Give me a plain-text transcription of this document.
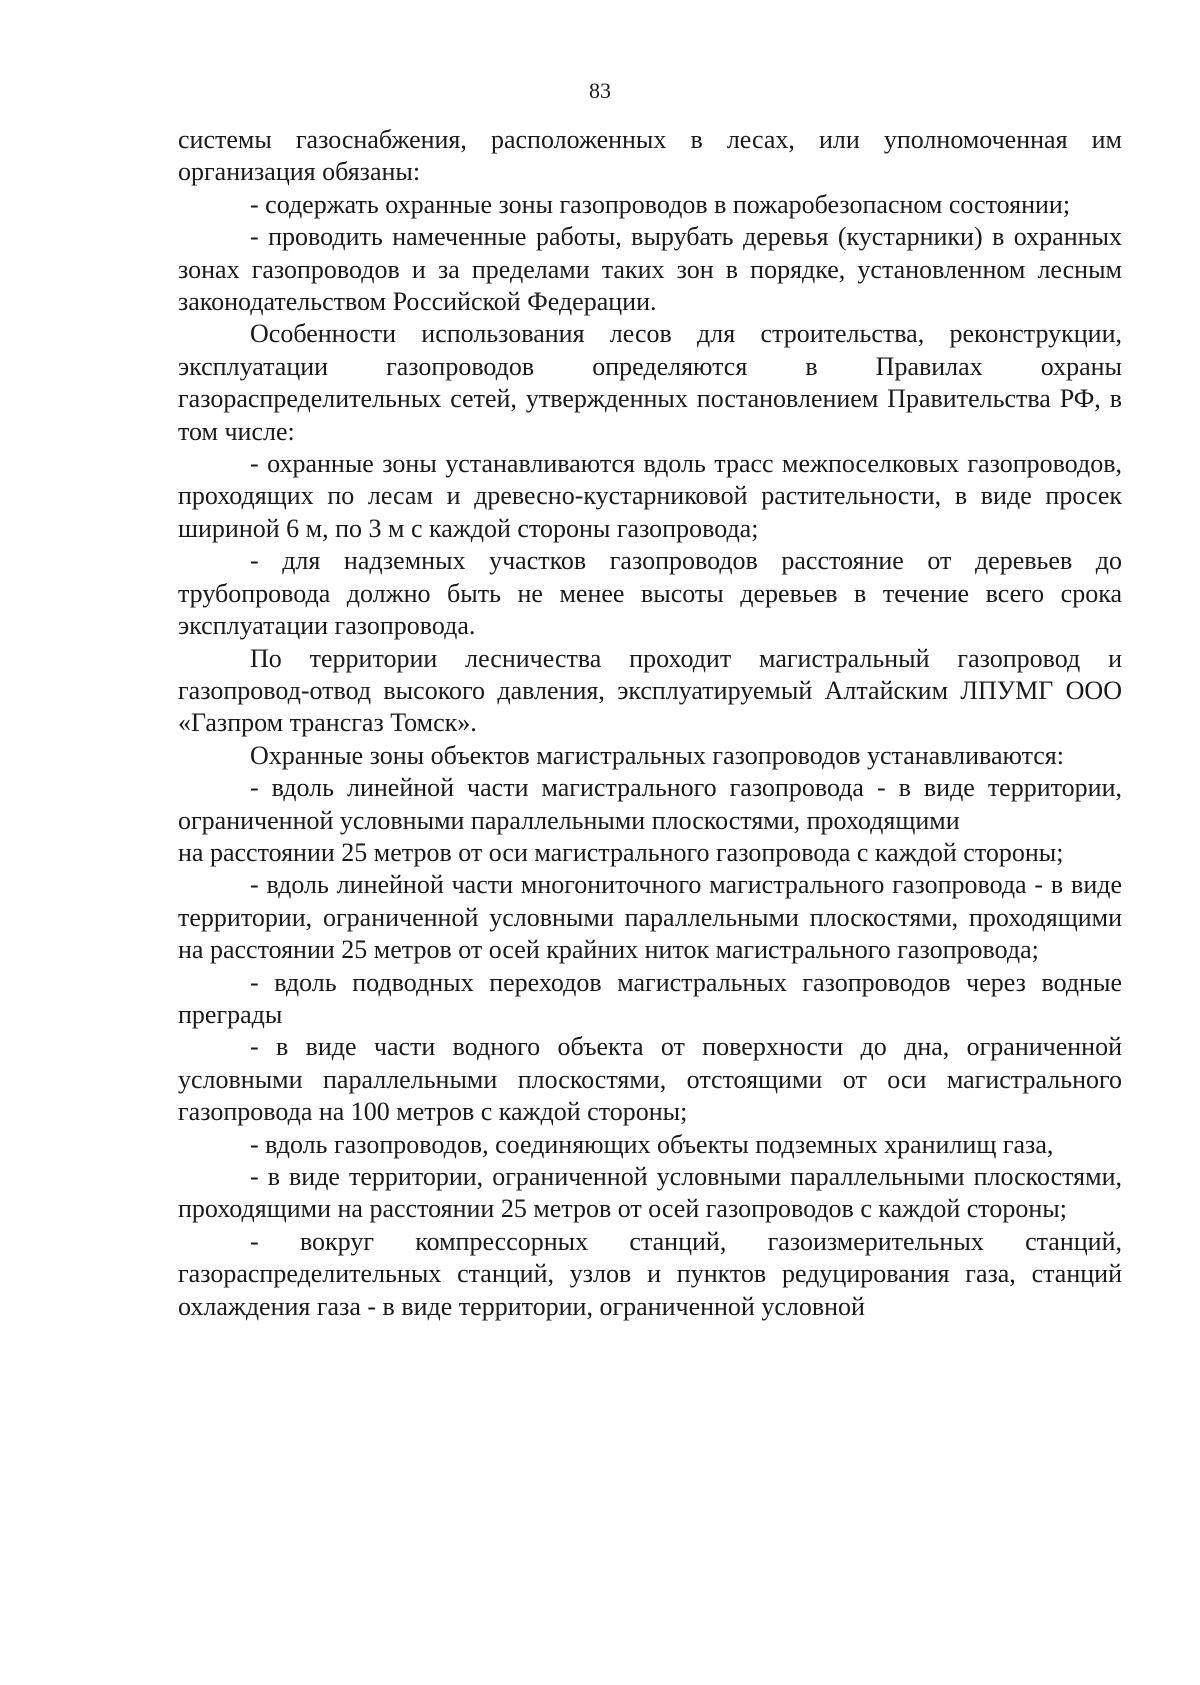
83

системы газоснабжения, расположенных в лесах, или уполномоченная им организация обязаны:

- содержать охранные зоны газопроводов в пожаробезопасном состоянии;

- проводить намеченные работы, вырубать деревья (кустарники) в охранных зонах газопроводов и за пределами таких зон в порядке, установленном лесным законодательством Российской Федерации.

Особенности использования лесов для строительства, реконструкции, эксплуатации газопроводов определяются в Правилах охраны газораспределительных сетей, утвержденных постановлением Правительства РФ, в том числе:

- охранные зоны устанавливаются вдоль трасс межпоселковых газопроводов, проходящих по лесам и древесно-кустарниковой растительности, в виде просек шириной 6 м, по 3 м с каждой стороны газопровода;

- для надземных участков газопроводов расстояние от деревьев до трубопровода должно быть не менее высоты деревьев в течение всего срока эксплуатации газопровода.

По территории лесничества проходит магистральный газопровод и газопровод-отвод высокого давления, эксплуатируемый Алтайским ЛПУМГ ООО «Газпром трансгаз Томск».

Охранные зоны объектов магистральных газопроводов устанавливаются:

- вдоль линейной части магистрального газопровода - в виде территории, ограниченной условными параллельными плоскостями, проходящими

на расстоянии 25 метров от оси магистрального газопровода с каждой стороны;

- вдоль линейной части многониточного магистрального газопровода - в виде территории, ограниченной условными параллельными плоскостями, проходящими на расстоянии 25 метров от осей крайних ниток магистрального газопровода;

- вдоль подводных переходов магистральных газопроводов через водные преграды

- в виде части водного объекта от поверхности до дна, ограниченной условными параллельными плоскостями, отстоящими от оси магистрального газопровода на 100 метров с каждой стороны;

- вдоль газопроводов, соединяющих объекты подземных хранилищ газа,

- в виде территории, ограниченной условными параллельными плоскостями, проходящими на расстоянии 25 метров от осей газопроводов с каждой стороны;

- вокруг компрессорных станций, газоизмерительных станций, газораспределительных станций, узлов и пунктов редуцирования газа, станций охлаждения газа - в виде территории, ограниченной условной
